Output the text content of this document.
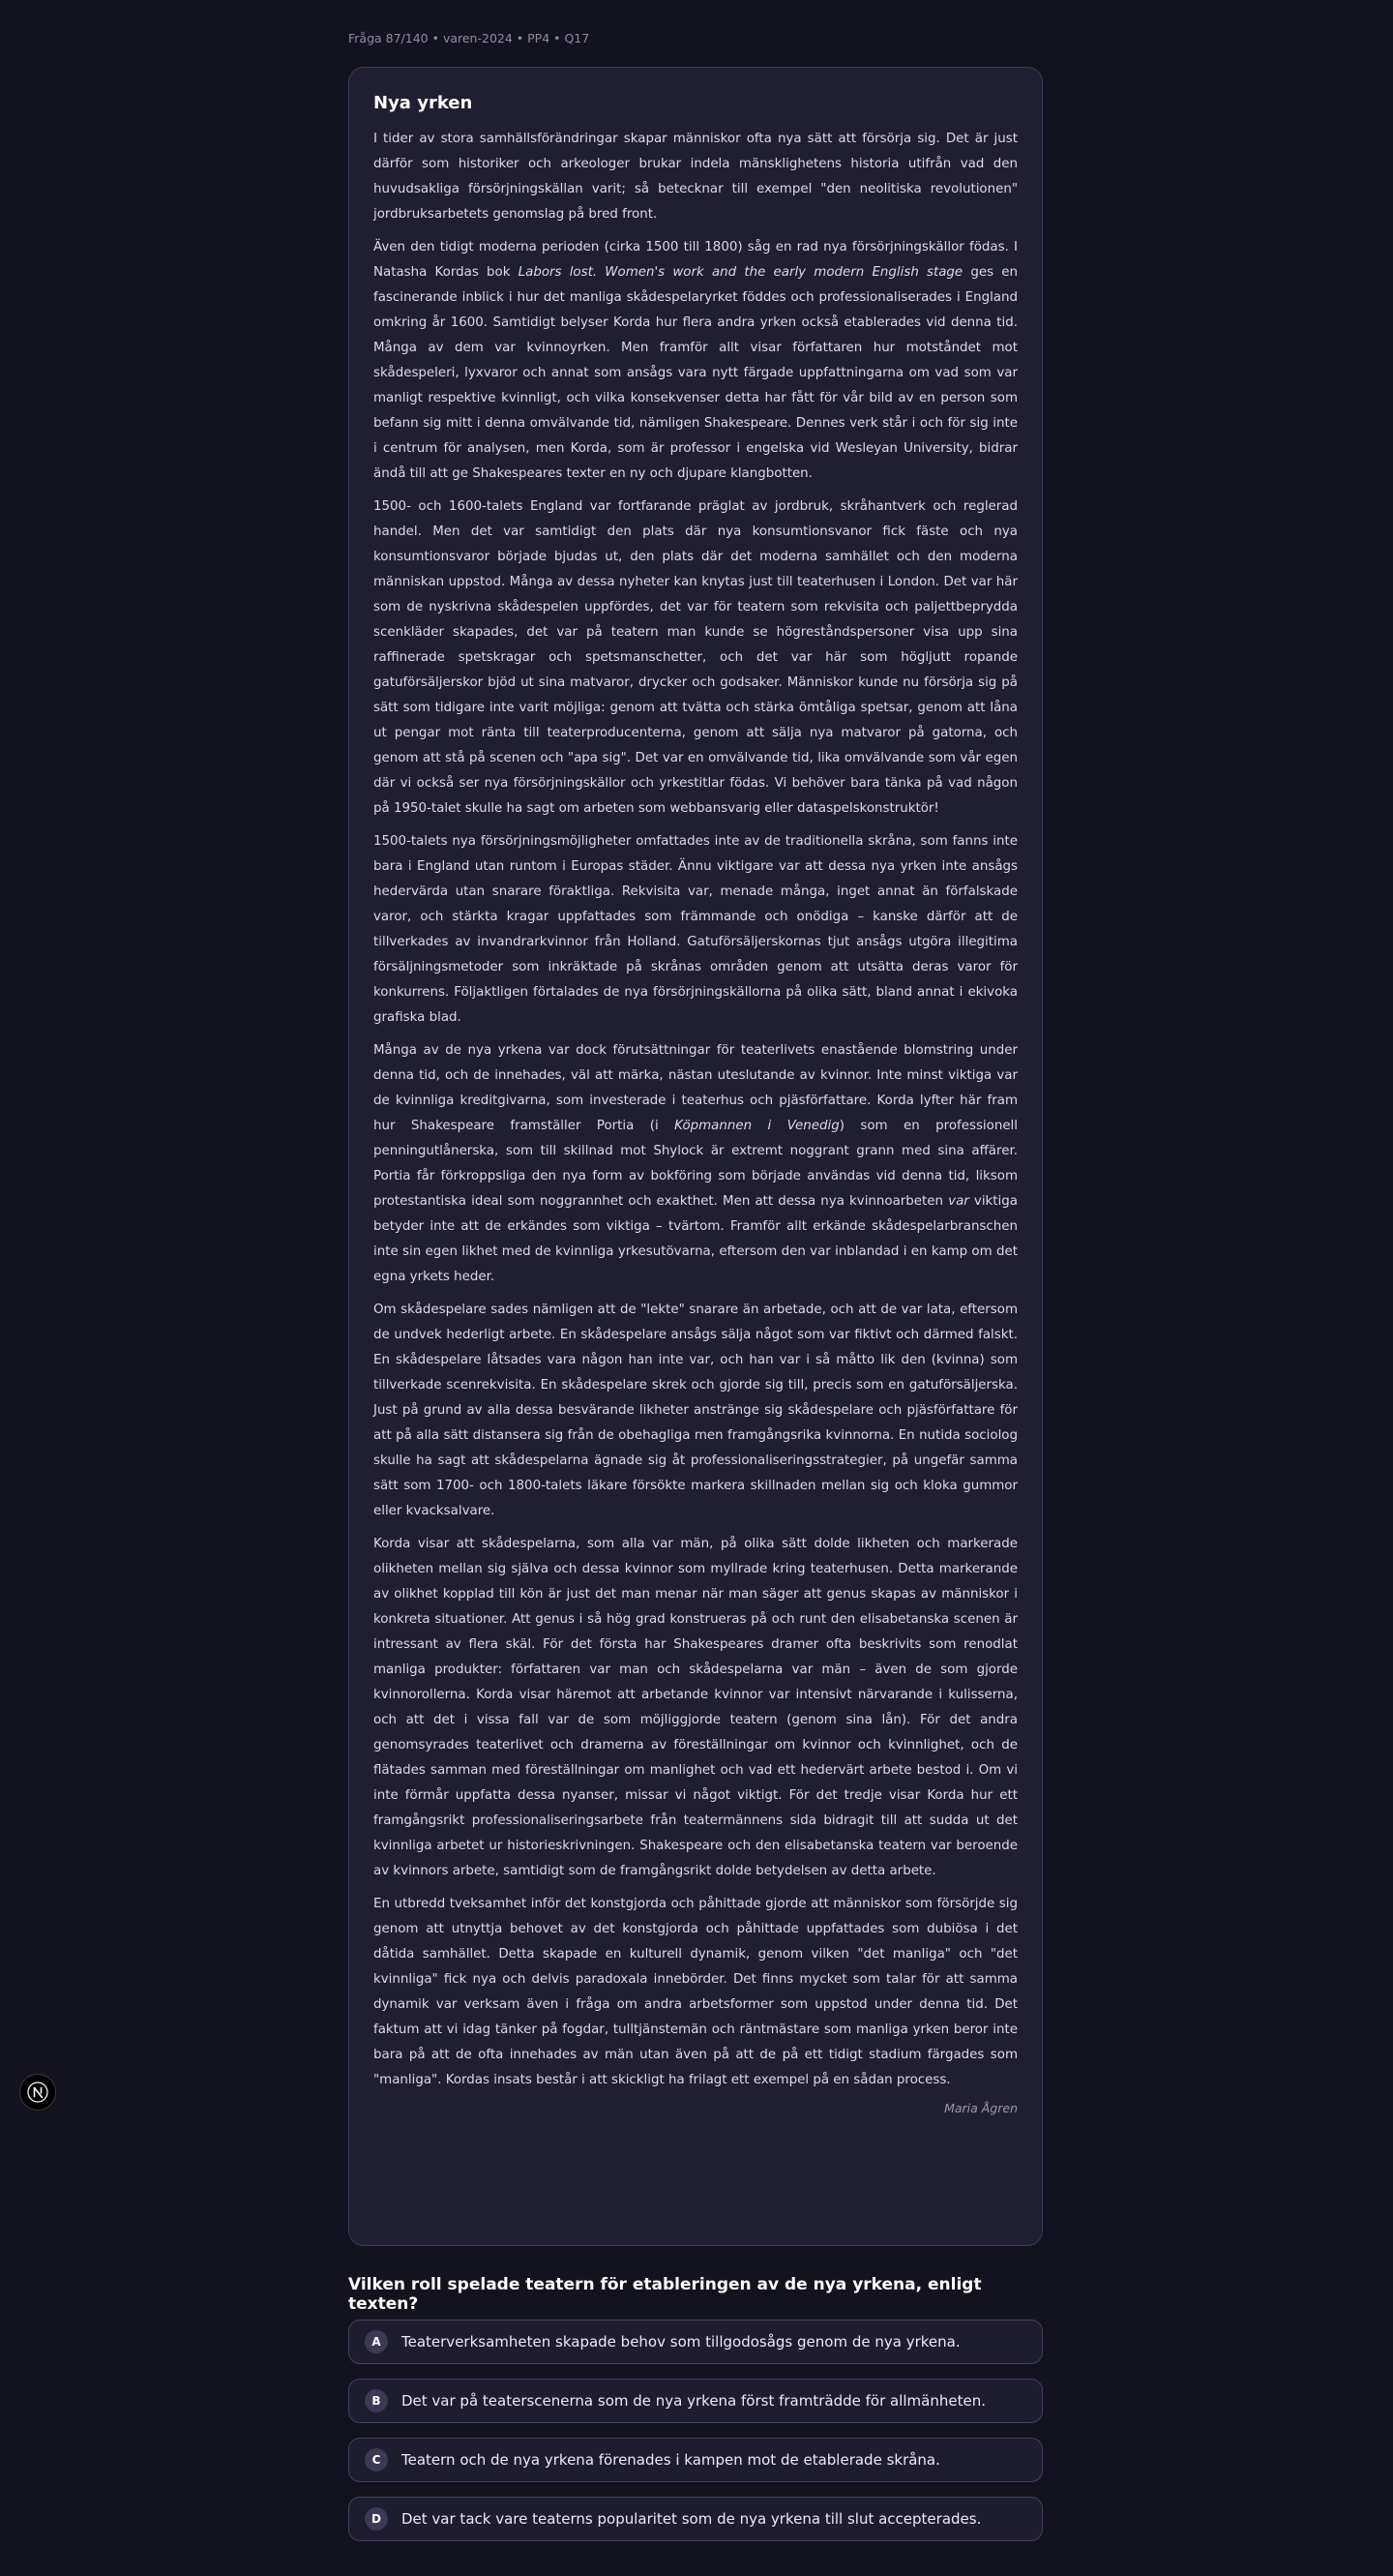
Fråga 87/140 • varen-2024 • PP4 • Q17
Nya yrken

I tider av stora samhällsförändringar skapar människor ofta nya sätt att försörja sig. Det är just därför som historiker och arkeologer brukar indela mänsklighetens historia utifrån vad den huvudsakliga försörjningskällan varit; så betecknar till exempel "den neolitiska revolutionen" jordbruksarbetets genomslag på bred front.

Även den tidigt moderna perioden (cirka 1500 till 1800) såg en rad nya försörjningskällor födas. I Natasha Kordas bok Labors lost. Women's work and the early modern English stage ges en fascinerande inblick i hur det manliga skådespelaryrket föddes och professionaliserades i England omkring år 1600. Samtidigt belyser Korda hur flera andra yrken också etablerades vid denna tid. Många av dem var kvinnoyrken. Men framför allt visar författaren hur motståndet mot skådespeleri, lyxvaror och annat som ansågs vara nytt färgade uppfattningarna om vad som var manligt respektive kvinnligt, och vilka konsekvenser detta har fått för vår bild av en person som befann sig mitt i denna omvälvande tid, nämligen Shakespeare. Dennes verk står i och för sig inte i centrum för analysen, men Korda, som är professor i engelska vid Wesleyan University, bidrar ändå till att ge Shakespeares texter en ny och djupare klangbotten.

1500- och 1600-talets England var fortfarande präglat av jordbruk, skråhantverk och reglerad handel. Men det var samtidigt den plats där nya konsumtionsvanor fick fäste och nya konsumtionsvaror började bjudas ut, den plats där det moderna samhället och den moderna människan uppstod. Många av dessa nyheter kan knytas just till teaterhusen i London. Det var här som de nyskrivna skådespelen uppfördes, det var för teatern som rekvisita och paljettbeprydda scenkläder skapades, det var på teatern man kunde se högreståndspersoner visa upp sina raffinerade spetskragar och spetsmanschetter, och det var här som högljutt ropande gatuförsäljerskor bjöd ut sina matvaror, drycker och godsaker. Människor kunde nu försörja sig på sätt som tidigare inte varit möjliga: genom att tvätta och stärka ömtåliga spetsar, genom att låna ut pengar mot ränta till teaterproducenterna, genom att sälja nya matvaror på gatorna, och genom att stå på scenen och "apa sig". Det var en omvälvande tid, lika omvälvande som vår egen där vi också ser nya försörjningskällor och yrkestitlar födas. Vi behöver bara tänka på vad någon på 1950-talet skulle ha sagt om arbeten som webbansvarig eller dataspelskonstruktör!

1500-talets nya försörjningsmöjligheter omfattades inte av de traditionella skråna, som fanns inte bara i England utan runtom i Europas städer. Ännu viktigare var att dessa nya yrken inte ansågs hedervärda utan snarare föraktliga. Rekvisita var, menade många, inget annat än förfalskade varor, och stärkta kragar uppfattades som främmande och onödiga – kanske därför att de tillverkades av invandrarkvinnor från Holland. Gatuförsäljerskornas tjut ansågs utgöra illegitima försäljningsmetoder som inkräktade på skrånas områden genom att utsätta deras varor för konkurrens. Följaktligen förtalades de nya försörjningskällorna på olika sätt, bland annat i ekivoka grafiska blad.

Många av de nya yrkena var dock förutsättningar för teaterlivets enastående blomstring under denna tid, och de innehades, väl att märka, nästan uteslutande av kvinnor. Inte minst viktiga var de kvinnliga kreditgivarna, som investerade i teaterhus och pjäsförfattare. Korda lyfter här fram hur Shakespeare framställer Portia (i Köpmannen i Venedig) som en professionell penningutlånerska, som till skillnad mot Shylock är extremt noggrant grann med sina affärer. Portia får förkroppsliga den nya form av bokföring som började användas vid denna tid, liksom protestantiska ideal som noggrannhet och exakthet. Men att dessa nya kvinnoarbeten var viktiga betyder inte att de erkändes som viktiga – tvärtom. Framför allt erkände skådespelarbranschen inte sin egen likhet med de kvinnliga yrkesutövarna, eftersom den var inblandad i en kamp om det egna yrkets heder.

Om skådespelare sades nämligen att de "lekte" snarare än arbetade, och att de var lata, eftersom de undvek hederligt arbete. En skådespelare ansågs sälja något som var fiktivt och därmed falskt. En skådespelare låtsades vara någon han inte var, och han var i så måtto lik den (kvinna) som tillverkade scenrekvisita. En skådespelare skrek och gjorde sig till, precis som en gatuförsäljerska. Just på grund av alla dessa besvärande likheter anstränge sig skådespelare och pjäsförfattare för att på alla sätt distansera sig från de obehagliga men framgångsrika kvinnorna. En nutida sociolog skulle ha sagt att skådespelarna ägnade sig åt professionaliseringsstrategier, på ungefär samma sätt som 1700- och 1800-talets läkare försökte markera skillnaden mellan sig och kloka gummor eller kvacksalvare.

Korda visar att skådespelarna, som alla var män, på olika sätt dolde likheten och markerade olikheten mellan sig själva och dessa kvinnor som myllrade kring teaterhusen. Detta markerande av olikhet kopplad till kön är just det man menar när man säger att genus skapas av människor i konkreta situationer. Att genus i så hög grad konstrueras på och runt den elisabetanska scenen är intressant av flera skäl. För det första har Shakespeares dramer ofta beskrivits som renodlat manliga produkter: författaren var man och skådespelarna var män – även de som gjorde kvinnorollerna. Korda visar häremot att arbetande kvinnor var intensivt närvarande i kulisserna, och att det i vissa fall var de som möjliggjorde teatern (genom sina lån). För det andra genomsyrades teaterlivet och dramerna av föreställningar om kvinnor och kvinnlighet, och de flätades samman med föreställningar om manlighet och vad ett hedervärt arbete bestod i. Om vi inte förmår uppfatta dessa nyanser, missar vi något viktigt. För det tredje visar Korda hur ett framgångsrikt professionaliseringsarbete från teatermännens sida bidragit till att sudda ut det kvinnliga arbetet ur historieskrivningen. Shakespeare och den elisabetanska teatern var beroende av kvinnors arbete, samtidigt som de framgångsrikt dolde betydelsen av detta arbete.

En utbredd tveksamhet inför det konstgjorda och påhittade gjorde att människor som försörjde sig genom att utnyttja behovet av det konstgjorda och påhittade uppfattades som dubiösa i det dåtida samhället. Detta skapade en kulturell dynamik, genom vilken "det manliga" och "det kvinnliga" fick nya och delvis paradoxala innebörder. Det finns mycket som talar för att samma dynamik var verksam även i fråga om andra arbetsformer som uppstod under denna tid. Det faktum att vi idag tänker på fogdar, tulltjänstemän och räntmästare som manliga yrken beror inte bara på att de ofta innehades av män utan även på att de på ett tidigt stadium färgades som "manliga". Kordas insats består i att skickligt ha frilagt ett exempel på en sådan process.

Maria Ågren
Vilken roll spelade teatern för etableringen av de nya yrkena, enligt texten?
A	Teaterverksamheten skapade behov som tillgodosågs genom de nya yrkena.
B	Det var på teaterscenerna som de nya yrkena först framträdde för allmänheten.
C	Teatern och de nya yrkena förenades i kampen mot de etablerade skråna.
D	Det var tack vare teaterns popularitet som de nya yrkena till slut accepterades.
